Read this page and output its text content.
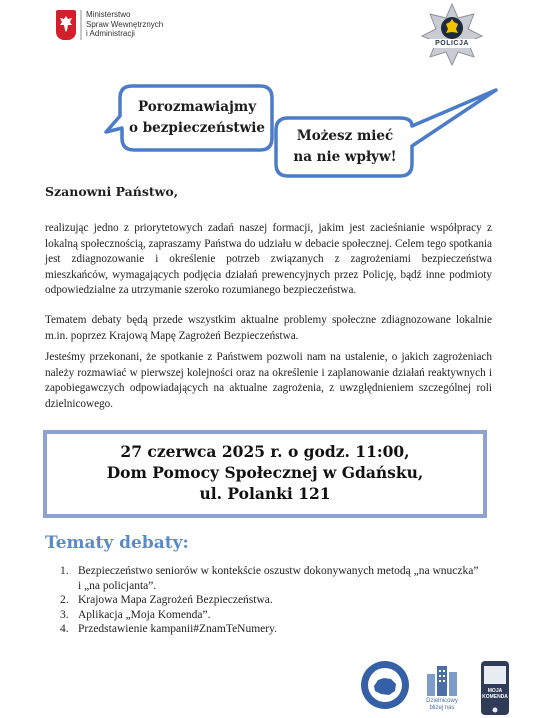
Ministerstwo
Spraw Wewnętrznych
i Administracji
POLICJA
Porozmawiajmy
o bezpieczeństwie	Możesz mieć
na nie wpływ!
Szanowni Państwo,
realizując jedno z priorytetowych zadań naszej formacji, jakim jest zacieśnianie współpracy z lokalną społecznością, zapraszamy Państwa do udziału w debacie społecznej. Celem tego spotkania jest zdiagnozowanie i określenie potrzeb związanych z zagrożeniami bezpieczeństwa mieszkańców, wymagających podjęcia działań prewencyjnych przez Policję, bądź inne podmioty odpowiedzialne za utrzymanie szeroko rozumianego bezpieczeństwa.
Tematem debaty będą przede wszystkim aktualne problemy społeczne zdiagnozowane lokalnie m.in. poprzez Krajową Mapę Zagrożeń Bezpieczeństwa.
Jesteśmy przekonani, że spotkanie z Państwem pozwoli nam na ustalenie, o jakich zagrożeniach należy rozmawiać w pierwszej kolejności oraz na określenie i zaplanowanie działań reaktywnych i zapobiegawczych odpowiadających na aktualne zagrożenia, z uwzględnieniem szczególnej roli dzielnicowego.
27 czerwca 2025 r. o godz. 11:00,
Dom Pomocy Społecznej w Gdańsku,
ul. Polanki 121
Tematy debaty:
1. Bezpieczeństwo seniorów w kontekście oszustw dokonywanych metodą „na wnuczka” i „na policjanta”.
2. Krajowa Mapa Zagrożeń Bezpieczeństwa.
3. Aplikacja „Moja Komenda”.
4. Przedstawienie kampanii#ZnamTeNumery.
Dzielnicowy
bliżej nas
MOJA
KOMENDA
